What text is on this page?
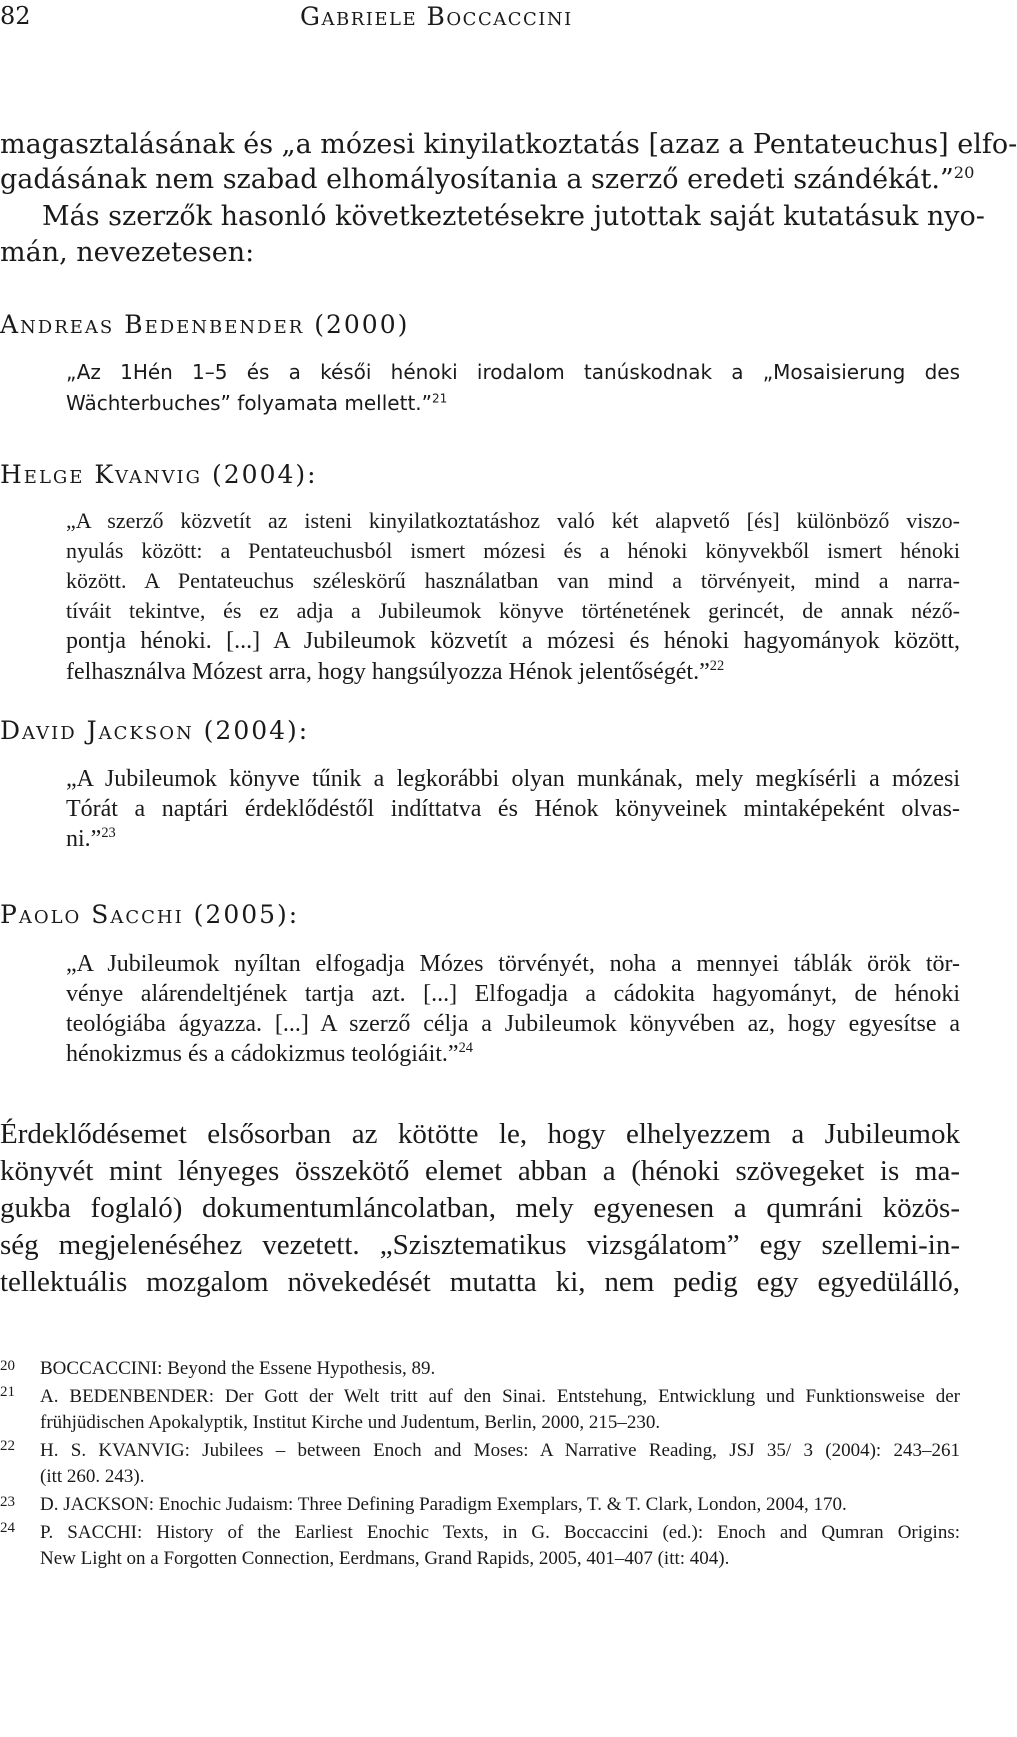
82	Gabriele Boccaccini
magasztalásának és „a mózesi kinyilatkoztatás [azaz a Pentateuchus] elfo-
gadásának nem szabad elhomályosítania a szerző eredeti szándékát.”$^{20}$
Más szerzők hasonló következtetésekre jutottak saját kutatásuk nyo-
mán, nevezetesen:
Andreas Bedenbender (2000)
„Az 1Hén 1–5 és a késői hénoki irodalom tanúskodnak a „Mosaisierung des
Wächterbuches” folyamata mellett.”$^{21}$
Helge Kvanvig (2004):
„A szerző közvetít az isteni kinyilatkoztatáshoz való két alapvető [és] különböző viszo-
nyulás között: a Pentateuchusból ismert mózesi és a hénoki könyvekből ismert hénoki
között. A Pentateuchus széleskörű használatban van mind a törvényeit, mind a narra-
tíváit tekintve, és ez adja a Jubileumok könyve történetének gerincét, de annak néző-
pontja hénoki. [...] A Jubileumok közvetít a mózesi és hénoki hagyományok között,
felhasználva Mózest arra, hogy hangsúlyozza Hénok jelentőségét.”$^{22}$
David Jackson (2004):
„A Jubileumok könyve tűnik a legkorábbi olyan munkának, mely megkísérli a mózesi
Tórát a naptári érdeklődéstől indíttatva és Hénok könyveinek mintaképeként olvas-
ni.”$^{23}$
Paolo Sacchi (2005):
„A Jubileumok nyíltan elfogadja Mózes törvényét, noha a mennyei táblák örök tör-
vénye alárendeltjének tartja azt. [...] Elfogadja a cádokita hagyományt, de hénoki
teológiába ágyazza. [...] A szerző célja a Jubileumok könyvében az, hogy egyesítse a
hénokizmus és a cádokizmus teológiáit.”$^{24}$
Érdeklődésemet elsősorban az kötötte le, hogy elhelyezzem a Jubileumok
könyvét mint lényeges összekötő elemet abban a (hénoki szövegeket is ma-
gukba foglaló) dokumentumláncolatban, mely egyenesen a qumráni közös-
ség megjelenéséhez vezetett. „Szisztematikus vizsgálatom” egy szellemi-in-
tellektuális mozgalom növekedését mutatta ki, nem pedig egy egyedülálló,
20 BOCCACCINI: Beyond the Essene Hypothesis, 89.
21 A. BEDENBENDER: Der Gott der Welt tritt auf den Sinai. Entstehung, Entwicklung und Funktionsweise der
frühjüdischen Apokalyptik, Institut Kirche und Judentum, Berlin, 2000, 215–230.
22 H. S. KVANVIG: Jubilees – between Enoch and Moses: A Narrative Reading, JSJ 35/ 3 (2004): 243–261
(itt 260. 243).
23 D. JACKSON: Enochic Judaism: Three Defining Paradigm Exemplars, T. & T. Clark, London, 2004, 170.
24 P. SACCHI: History of the Earliest Enochic Texts, in G. Boccaccini (ed.): Enoch and Qumran Origins:
New Light on a Forgotten Connection, Eerdmans, Grand Rapids, 2005, 401–407 (itt: 404).
